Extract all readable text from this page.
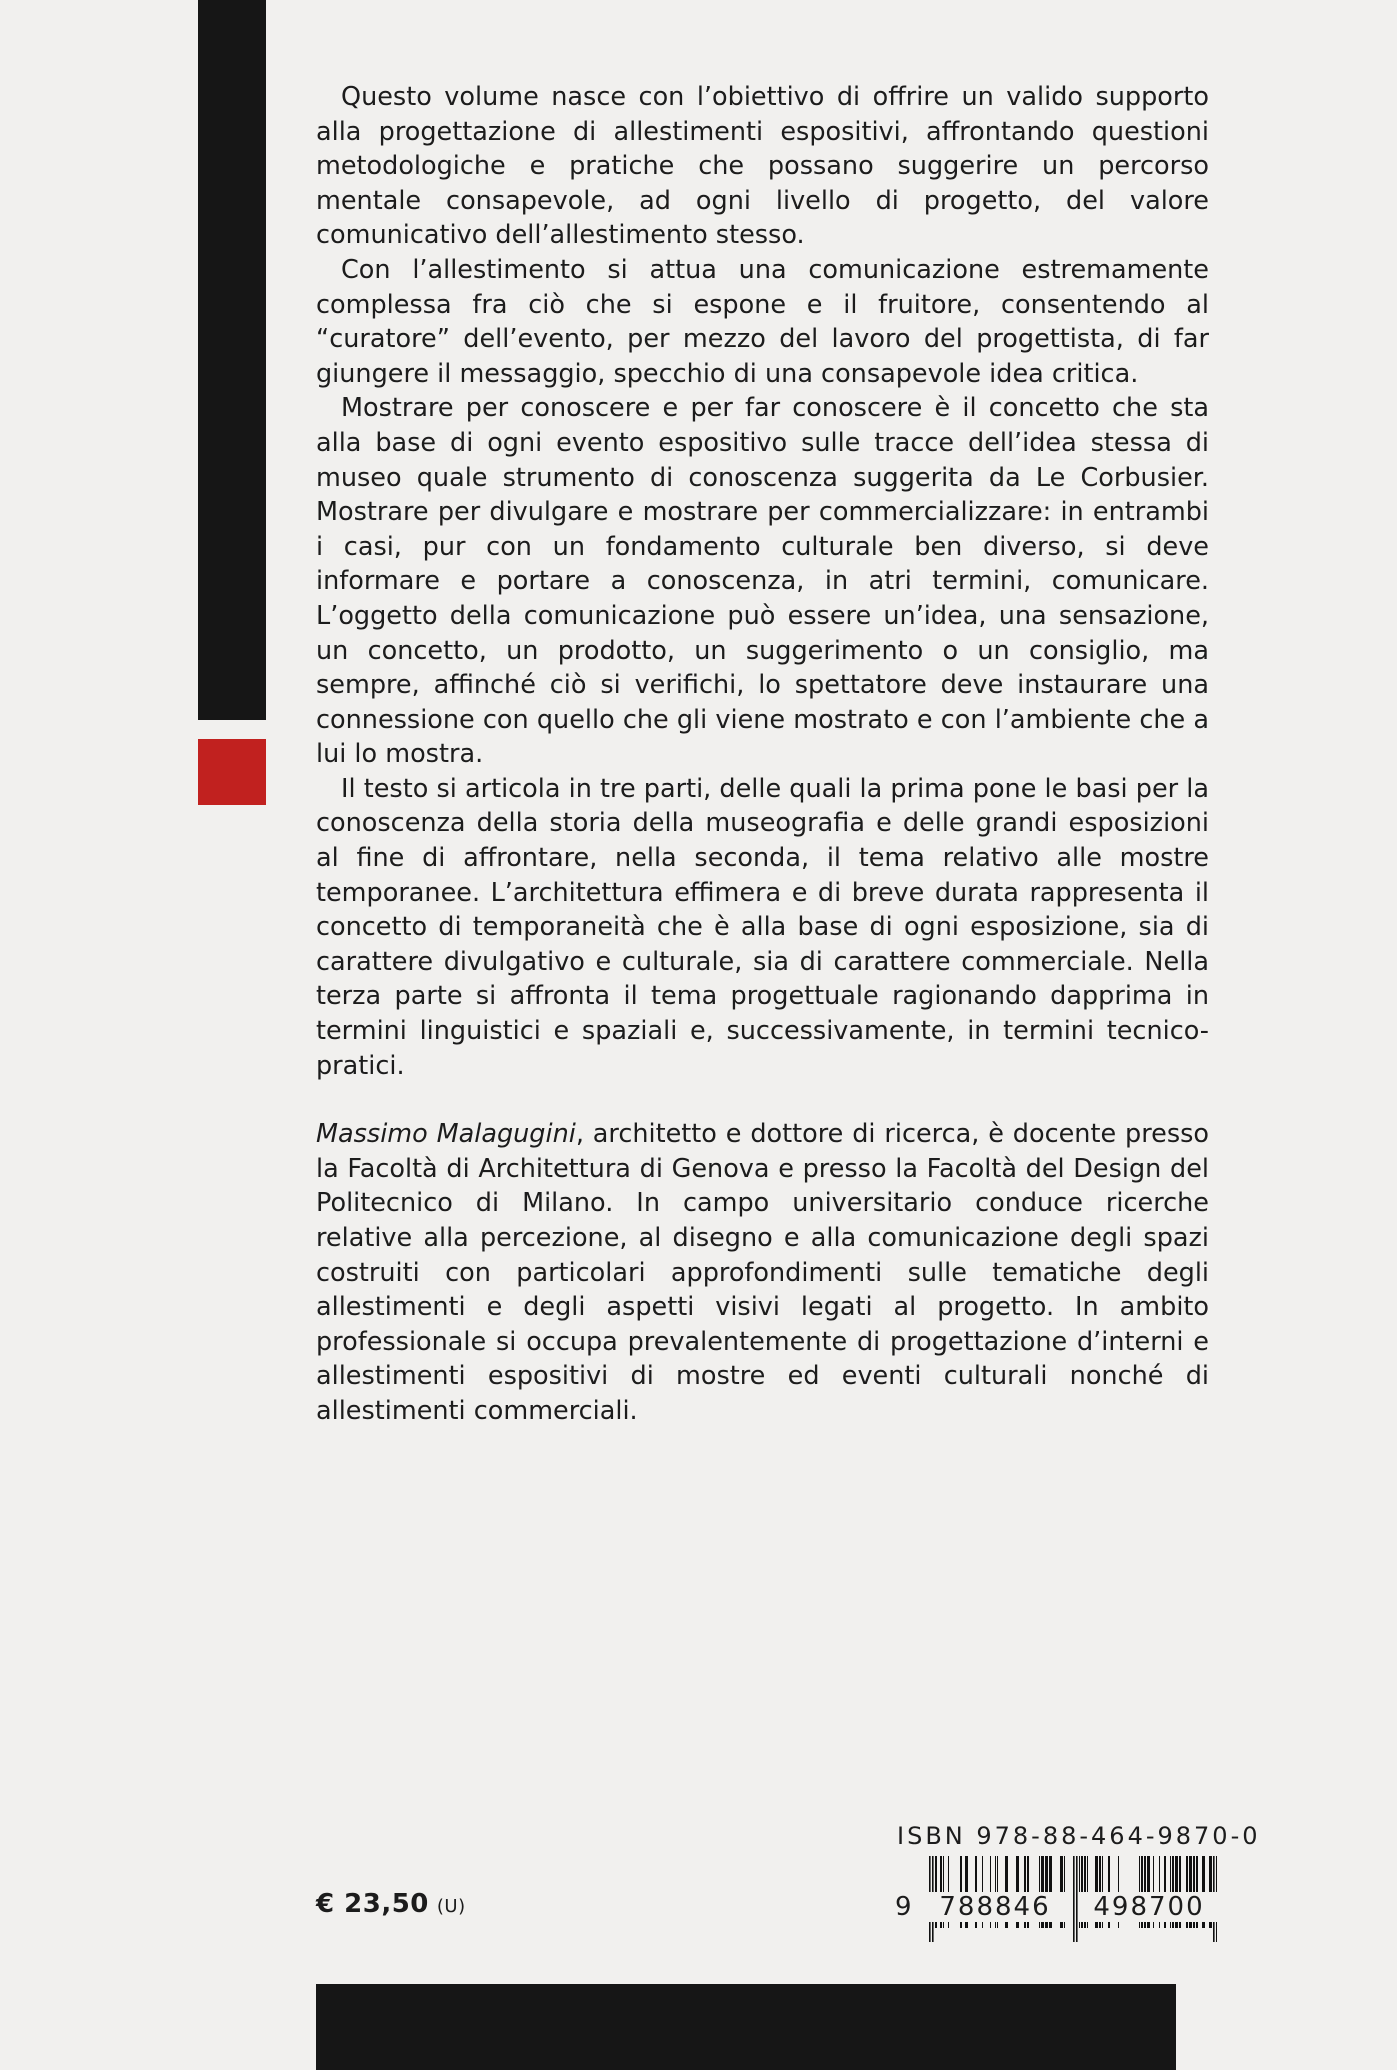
Questo volume nasce con l’obiettivo di offrire un valido supporto alla progettazione di allestimenti espositivi, affrontando questioni metodologiche e pratiche che possano suggerire un percorso mentale consapevole, ad ogni livello di progetto, del valore comunicativo dell’allestimento stesso.

Con l’allestimento si attua una comunicazione estremamente complessa fra ciò che si espone e il fruitore, consentendo al “curatore” dell’evento, per mezzo del lavoro del progettista, di far giungere il messaggio, specchio di una consapevole idea critica.

Mostrare per conoscere e per far conoscere è il concetto che sta alla base di ogni evento espositivo sulle tracce dell’idea stessa di museo quale strumento di conoscenza suggerita da Le Corbusier. Mostrare per divulgare e mostrare per commercializzare: in entrambi i casi, pur con un fondamento culturale ben diverso, si deve informare e portare a conoscenza, in atri termini, comunicare. L’oggetto della comunicazione può essere un’idea, una sensazione, un concetto, un prodotto, un suggerimento o un consiglio, ma sempre, affinché ciò si verifichi, lo spettatore deve instaurare una connessione con quello che gli viene mostrato e con l’ambiente che a lui lo mostra.

Il testo si articola in tre parti, delle quali la prima pone le basi per la conoscenza della storia della museografia e delle grandi esposizioni al fine di affrontare, nella seconda, il tema relativo alle mostre temporanee. L’architettura effimera e di breve durata rappresenta il concetto di temporaneità che è alla base di ogni esposizione, sia di carattere divulgativo e culturale, sia di carattere commerciale. Nella terza parte si affronta il tema progettuale ragionando dapprima in termini linguistici e spaziali e, successivamente, in termini tecnico-pratici.

Massimo Malagugini, architetto e dottore di ricerca, è docente presso la Facoltà di Architettura di Genova e presso la Facoltà del Design del Politecnico di Milano. In campo universitario conduce ricerche relative alla percezione, al disegno e alla comunicazione degli spazi costruiti con particolari approfondimenti sulle tematiche degli allestimenti e degli aspetti visivi legati al progetto. In ambito professionale si occupa prevalentemente di progettazione d’interni e allestimenti espositivi di mostre ed eventi culturali nonché di allestimenti commerciali.

ISBN 978-88-464-9870-0
9	788846	498700
€ 23,50 (U)
